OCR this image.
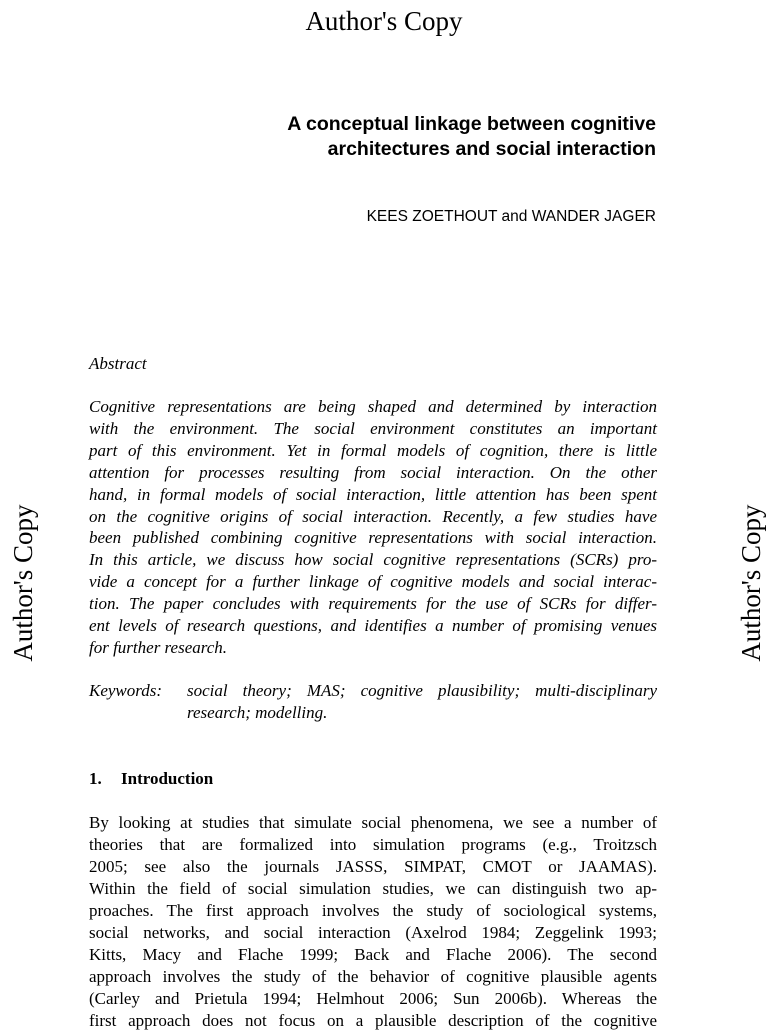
Author's Copy
Author's Copy	Author's Copy
A conceptual linkage between cognitive
architectures and social interaction
KEES ZOETHOUT and WANDER JAGER
Abstract

Cognitive representations are being shaped and determined by interaction
with the environment. The social environment constitutes an important
part of this environment. Yet in formal models of cognition, there is little
attention for processes resulting from social interaction. On the other
hand, in formal models of social interaction, little attention has been spent
on the cognitive origins of social interaction. Recently, a few studies have
been published combining cognitive representations with social interaction.
In this article, we discuss how social cognitive representations (SCRs) pro-
vide a concept for a further linkage of cognitive models and social interac-
tion. The paper concludes with requirements for the use of SCRs for differ-
ent levels of research questions, and identifies a number of promising venues
for further research.

Keywords: social theory; MAS; cognitive plausibility; multi-disciplinary
research; modelling.
1. Introduction

By looking at studies that simulate social phenomena, we see a number of
theories that are formalized into simulation programs (e.g., Troitzsch
2005; see also the journals JASSS, SIMPAT, CMOT or JAAMAS).
Within the field of social simulation studies, we can distinguish two ap-
proaches. The first approach involves the study of sociological systems,
social networks, and social interaction (Axelrod 1984; Zeggelink 1993;
Kitts, Macy and Flache 1999; Back and Flache 2006). The second
approach involves the study of the behavior of cognitive plausible agents
(Carley and Prietula 1994; Helmhout 2006; Sun 2006b). Whereas the
first approach does not focus on a plausible description of the cognitive
